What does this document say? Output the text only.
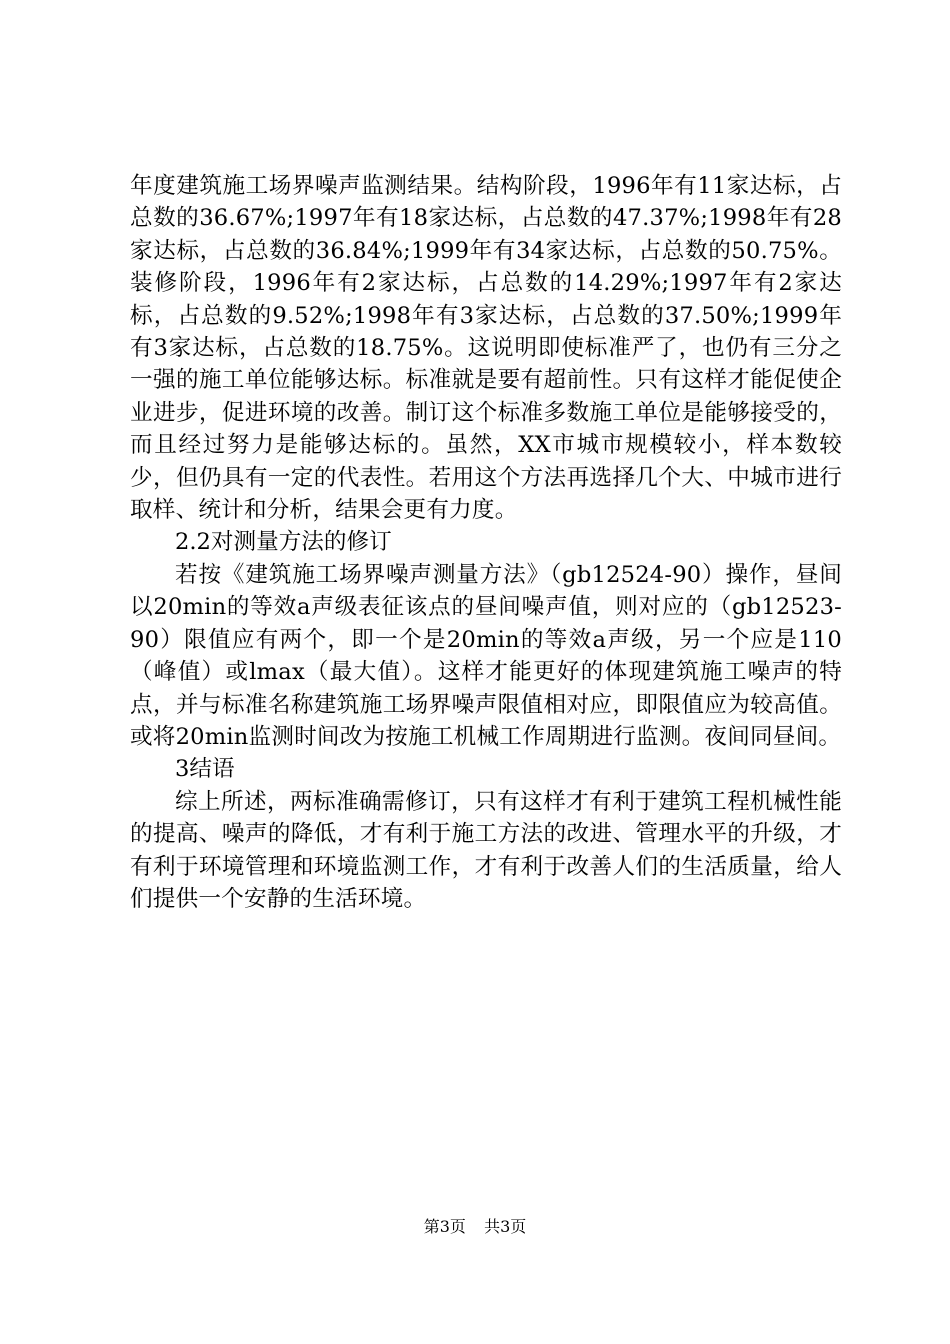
年度建筑施工场界噪声监测结果。结构阶段，1996年有11家达标，占总数的36.67%;1997年有18家达标，占总数的47.37%;1998年有28家达标，占总数的36.84%;1999年有34家达标，占总数的50.75%。装修阶段，1996年有2家达标，占总数的14.29%;1997年有2家达标，占总数的9.52%;1998年有3家达标，占总数的37.50%;1999年有3家达标，占总数的18.75%。这说明即使标准严了，也仍有三分之一强的施工单位能够达标。标准就是要有超前性。只有这样才能促使企业进步，促进环境的改善。制订这个标准多数施工单位是能够接受的，而且经过努力是能够达标的。虽然，XX市城市规模较小，样本数较少，但仍具有一定的代表性。若用这个方法再选择几个大、中城市进行取样、统计和分析，结果会更有力度。

2.2对测量方法的修订

若按《建筑施工场界噪声测量方法》（gb12524-90）操作，昼间以20min的等效a声级表征该点的昼间噪声值，则对应的（gb12523-90）限值应有两个，即一个是20min的等效a声级，另一个应是110（峰值）或lmax（最大值）。这样才能更好的体现建筑施工噪声的特点，并与标准名称建筑施工场界噪声限值相对应，即限值应为较高值。或将20min监测时间改为按施工机械工作周期进行监测。夜间同昼间。

3结语

综上所述，两标准确需修订，只有这样才有利于建筑工程机械性能的提高、噪声的降低，才有利于施工方法的改进、管理水平的升级，才有利于环境管理和环境监测工作，才有利于改善人们的生活质量，给人们提供一个安静的生活环境。

第3页 共3页
